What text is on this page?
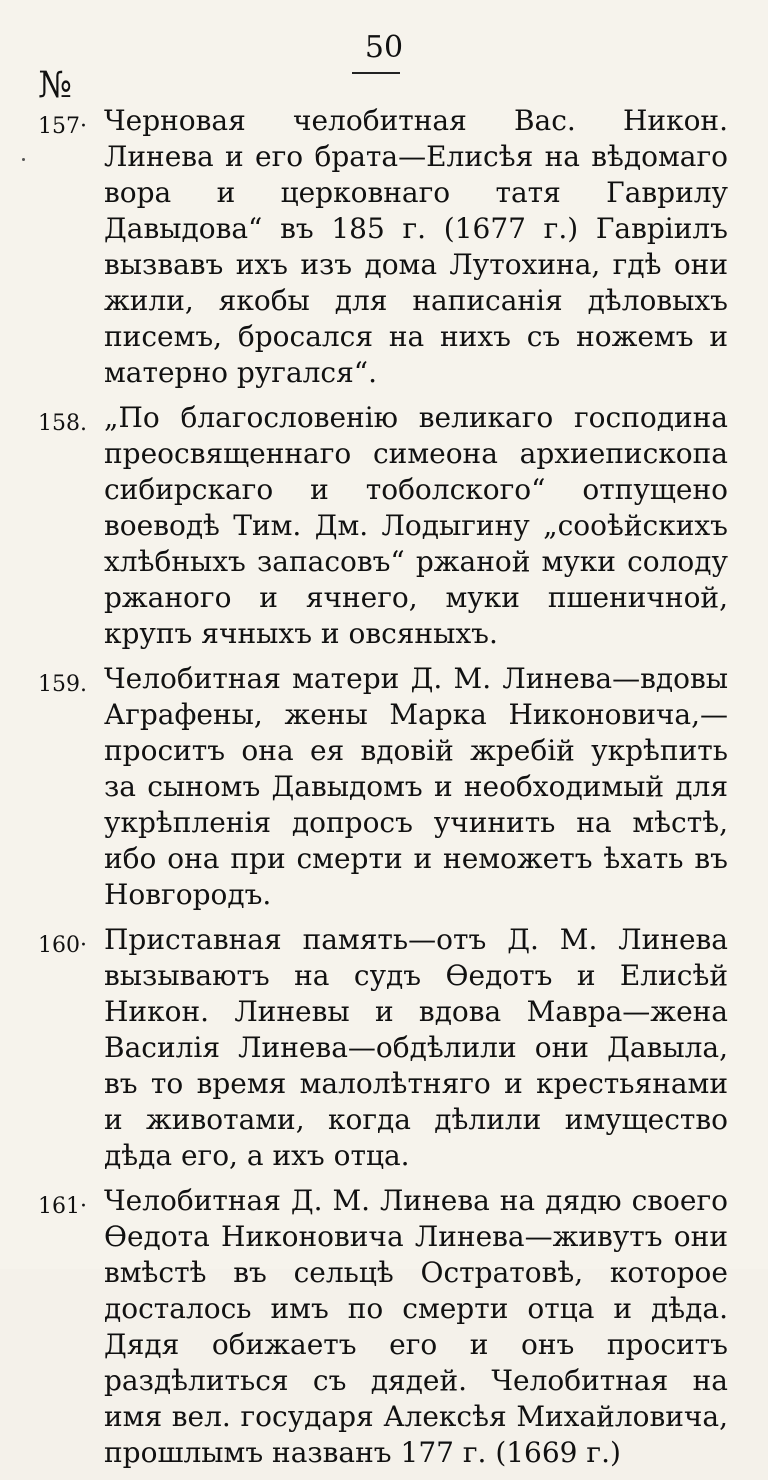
50
№
157· Черновая челобитная Вас. Никон. Линева и его брата—Елисѣя на вѣдомаго вора и церковнаго татя Гаврилу Давыдова“ въ 185 г. (1677 г.) Гавріилъ вызвавъ ихъ изъ дома Лутохина, гдѣ они жили, якобы для написанія дѣловыхъ писемъ, бросался на нихъ съ ножемъ и матерно ругался“.
158. „По благословенію великаго господина преосвященнаго симеона архиепископа сибирскаго и тоболского“ отпущено воеводѣ Тим. Дм. Лодыгину „сооѣйскихъ хлѣбныхъ запасовъ“ ржаной муки солоду ржаного и ячнего, муки пшеничной, крупъ ячныхъ и овсяныхъ.
159. Челобитная матери Д. М. Линева—вдовы Аграфены, жены Марка Никоновича,—проситъ она ея вдовій жребій укрѣпить за сыномъ Давыдомъ и необходимый для укрѣпленія допросъ учинить на мѣстѣ, ибо она при смерти и неможетъ ѣхать въ Новгородъ.
160· Приставная память—отъ Д. М. Линева вызываютъ на судъ Ѳедотъ и Елисѣй Никон. Линевы и вдова Мавра—жена Василія Линева—обдѣлили они Давыла, въ то время малолѣтняго и крестьянами и животами, когда дѣлили имущество дѣда его, а ихъ отца.
161· Челобитная Д. М. Линева на дядю своего Ѳедота Никоновича Линева—живутъ они вмѣстѣ въ сельцѣ Остратовѣ, которое досталось имъ по смерти отца и дѣда. Дядя обижаетъ его и онъ проситъ раздѣлиться съ дядей. Челобитная на имя вел. государя Алексѣя Михайловича, прошлымъ названъ 177 г. (1669 г.)
